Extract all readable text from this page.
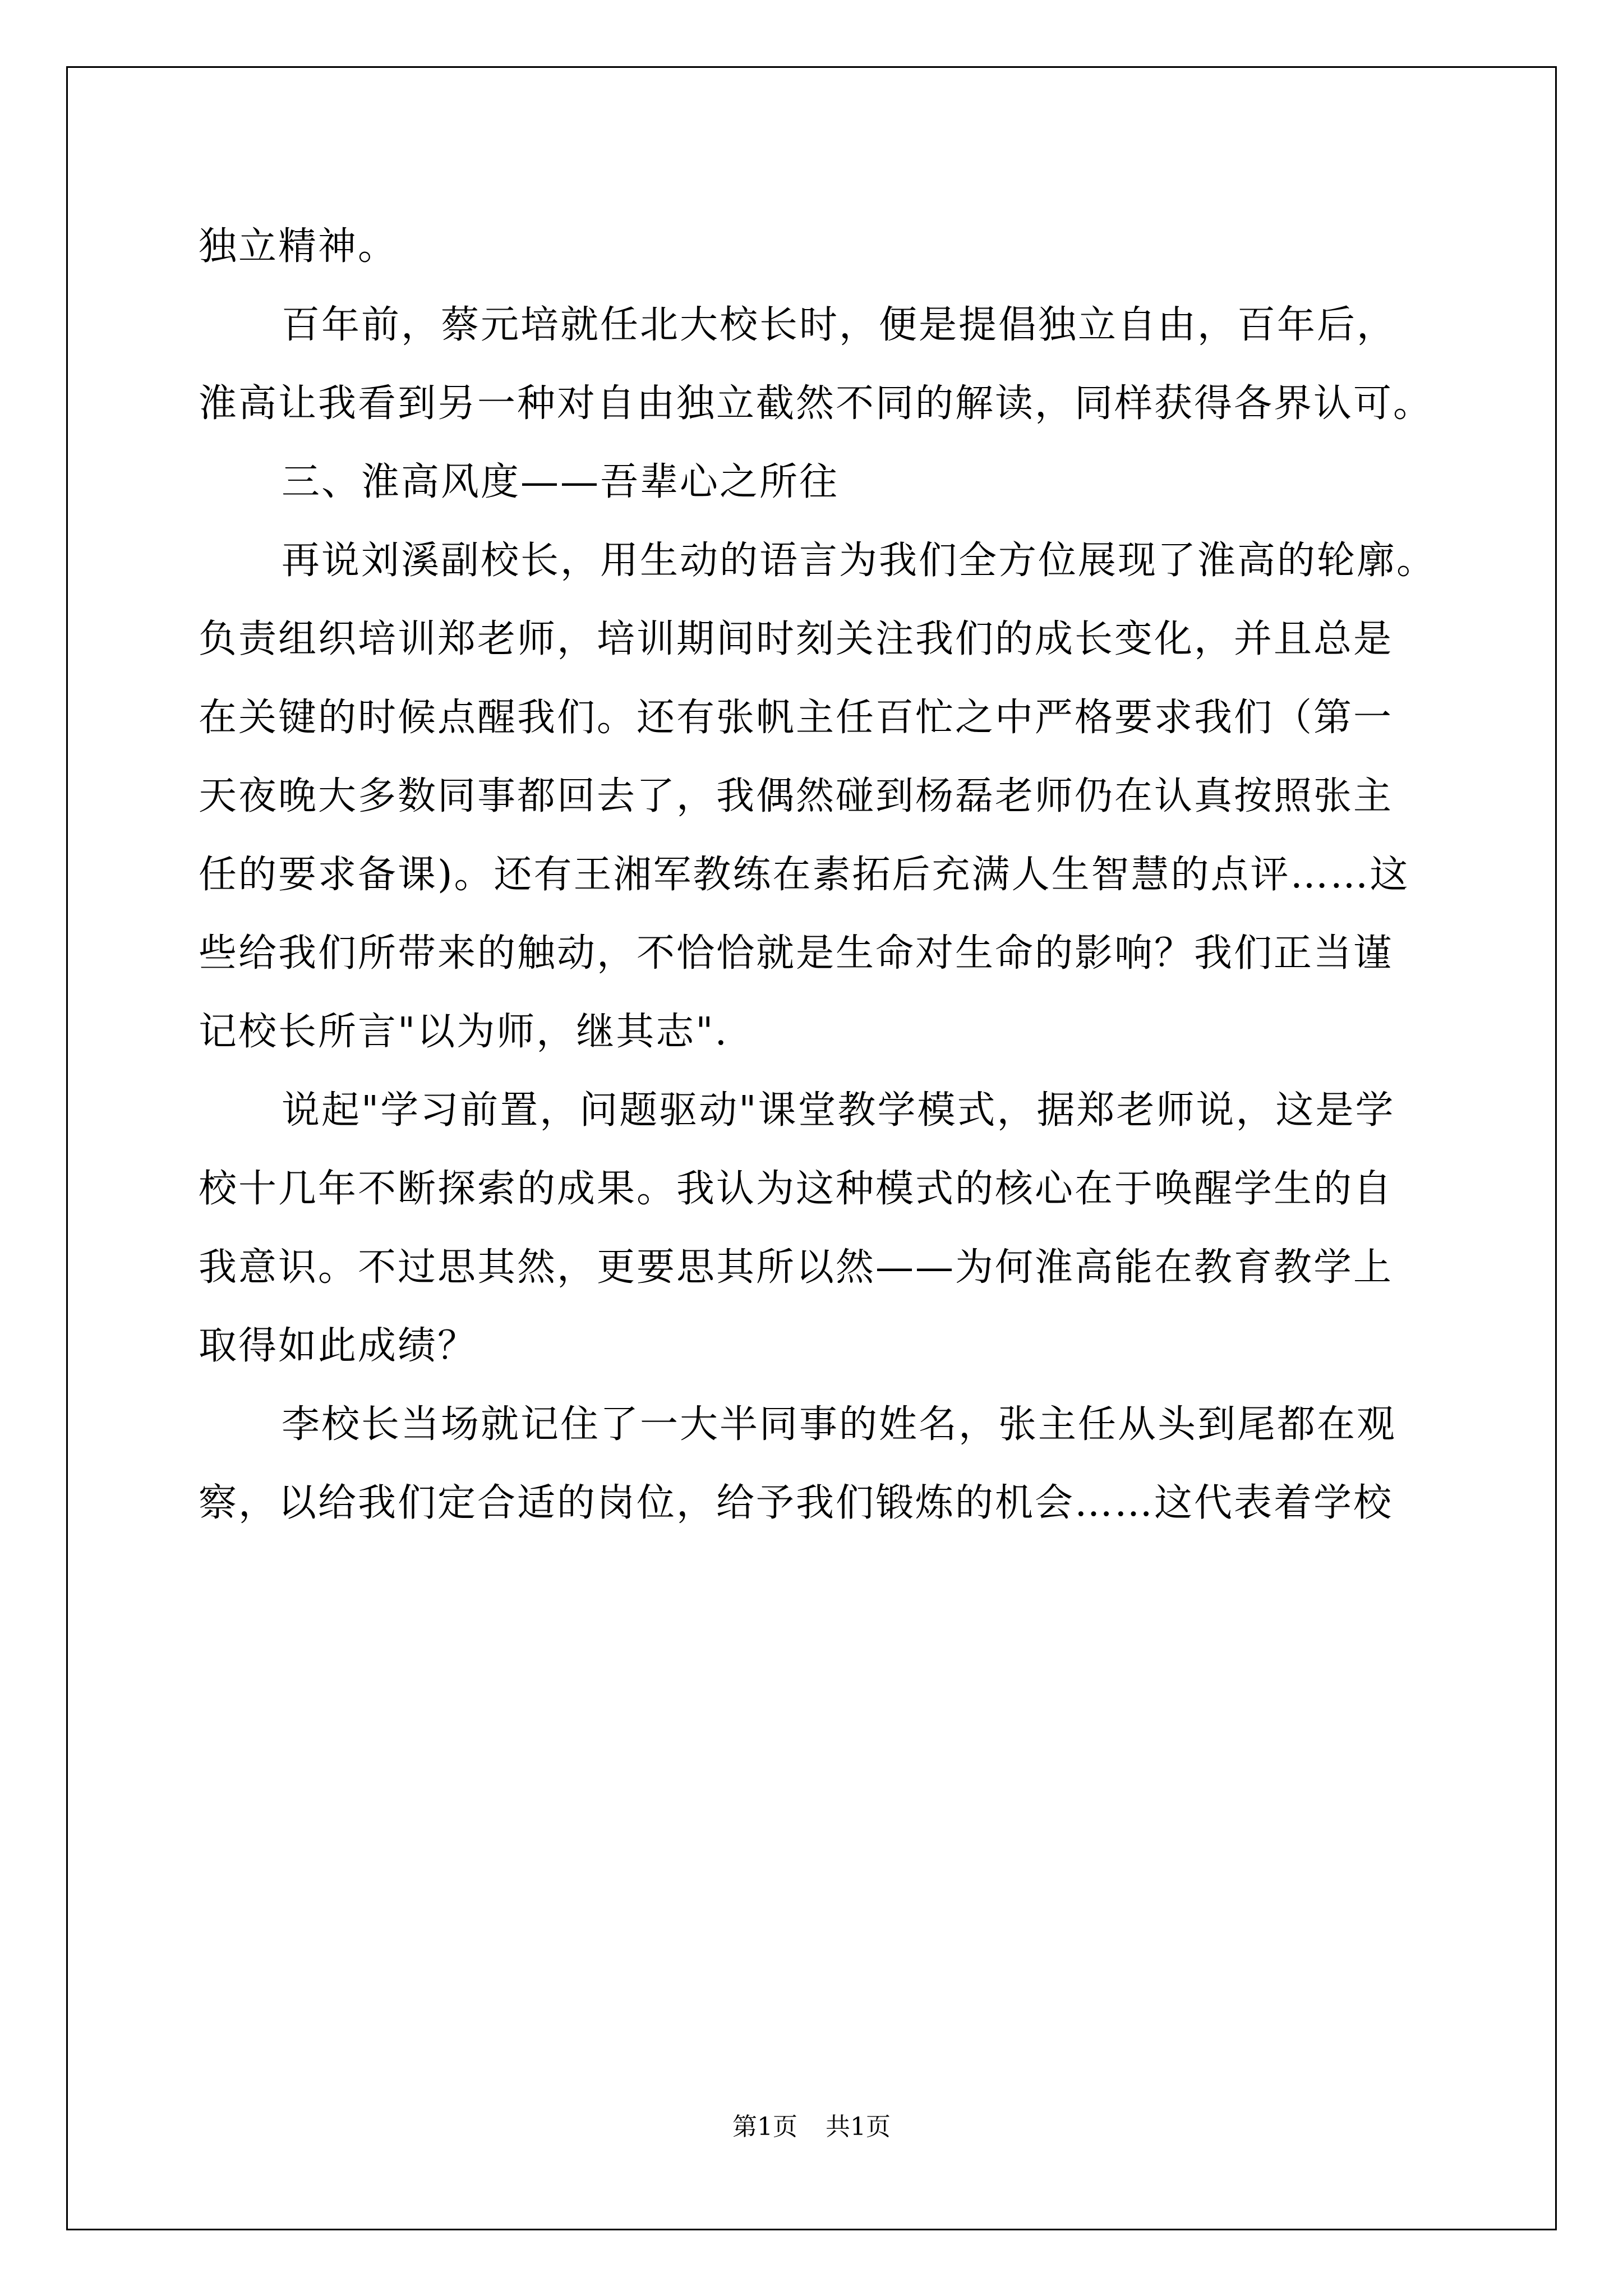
独立精神。

百年前，蔡元培就任北大校长时，便是提倡独立自由，百年后，

淮高让我看到另一种对自由独立截然不同的解读，同样获得各界认可。

三、淮高风度——吾辈心之所往

再说刘溪副校长，用生动的语言为我们全方位展现了淮高的轮廓。

负责组织培训郑老师，培训期间时刻关注我们的成长变化，并且总是

在关键的时候点醒我们。还有张帆主任百忙之中严格要求我们（第一

天夜晚大多数同事都回去了，我偶然碰到杨磊老师仍在认真按照张主

任的要求备课)。还有王湘军教练在素拓后充满人生智慧的点评……这

些给我们所带来的触动，不恰恰就是生命对生命的影响？我们正当谨

记校长所言"以为师，继其志".

说起"学习前置，问题驱动"课堂教学模式，据郑老师说，这是学

校十几年不断探索的成果。我认为这种模式的核心在于唤醒学生的自

我意识。不过思其然，更要思其所以然——为何淮高能在教育教学上

取得如此成绩？

李校长当场就记住了一大半同事的姓名，张主任从头到尾都在观

察，以给我们定合适的岗位，给予我们锻炼的机会……这代表着学校

第1页 共1页
